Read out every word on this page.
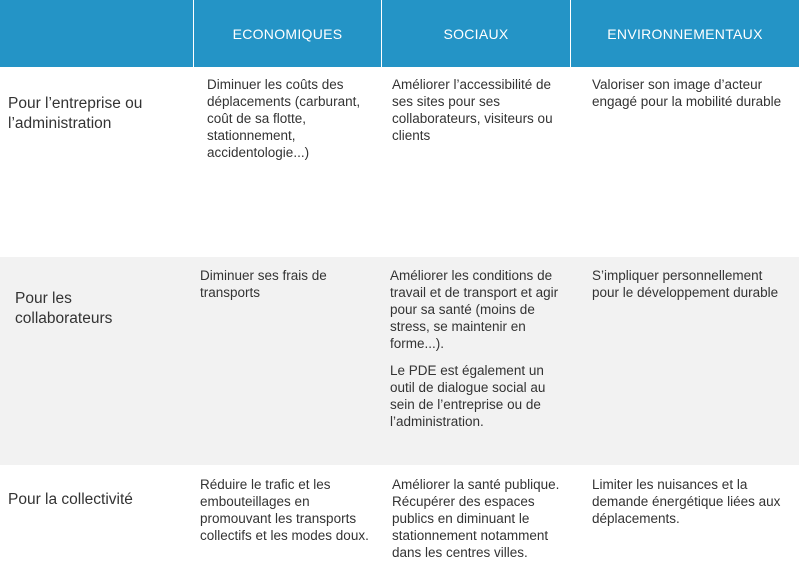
ECONOMIQUES	SOCIAUX	ENVIRONNEMENTAUX
Pour l’entreprise ou l’administration

Diminuer les coûts des déplacements (carburant, coût de sa flotte, stationnement, accidentologie...)

Améliorer l’accessibilité de ses sites pour ses collaborateurs, visiteurs ou clients

Valoriser son image d’acteur engagé pour la mobilité durable

Pour les collaborateurs

Diminuer ses frais de transports

Améliorer les conditions de travail et de transport et agir pour sa santé (moins de stress, se maintenir en forme...).

Le PDE est également un outil de dialogue social au sein de l’entreprise ou de l’administration.

S’impliquer personnellement pour le développement durable

Pour la collectivité

Réduire le trafic et les embouteillages en promouvant les transports collectifs et les modes doux.

Améliorer la santé publique. Récupérer des espaces publics en diminuant le stationnement notamment dans les centres villes.

Limiter les nuisances et la demande énergétique liées aux déplacements.
